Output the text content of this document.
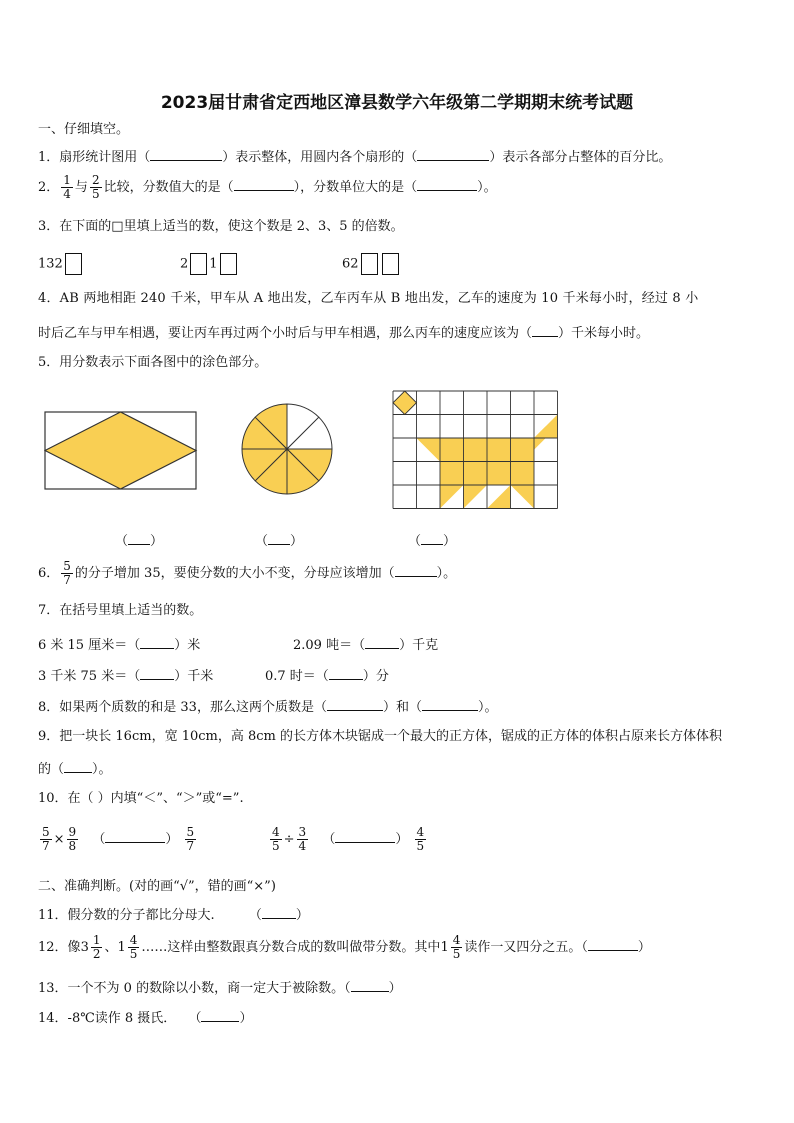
2023届甘肃省定西地区漳县数学六年级第二学期期末统考试题
一、仔细填空。
1．扇形统计图用（	）表示整体，用圆内各个扇形的（	）表示各部分占整体的百分比。
2． $\frac{1}{4}$ 与 $\frac{2}{5}$ 比较，分数值大的是（	），分数单位大的是（	）。
3．在下面的□里填上适当的数，使这个数是 2、3、5 的倍数。
132	2 1	62
4．AB 两地相距 240 千米，甲车从 A 地出发，乙车丙车从 B 地出发，乙车的速度为 10 千米每小时，经过 8 小
时后乙车与甲车相遇，要让丙车再过两个小时后与甲车相遇，那么丙车的速度应该为（ ）千米每小时。
5．用分数表示下面各图中的涂色部分。
（ ）	（ ）	（ ）
6． $\frac{5}{7}$ 的分子增加 35，要使分数的大小不变，分母应该增加（	）。
7．在括号里填上适当的数。
6 米 15 厘米＝（	）米	2.09 吨＝（	）千克
3 千米 75 米＝（	）千米	0.7 时＝（	）分
8．如果两个质数的和是 33，那么这两个质数是（	）和（	）。
9．把一块长 16cm，宽 10cm，高 8cm 的长方体木块锯成一个最大的正方体，锯成的正方体的体积占原来长方体体积
的（ ）。
10．在（ ）内填“＜”、“＞”或“=”.
$\frac{5}{7} \times \frac{9}{8}$ （	） $\frac{5}{7}$	$\frac{4}{5} \div \frac{3}{4}$ （	） $\frac{4}{5}$
二、准确判断。(对的画“√”，错的画“×”)
11．假分数的分子都比分母大.	（	）
12．像$3 \frac{1}{2}$ 、$1 \frac{4}{5}$ ……这样由整数跟真分数合成的数叫做带分数。其中$1 \frac{4}{5}$ 读作一又四分之五。（	）
13．一个不为 0 的数除以小数，商一定大于被除数。（	）
14．-8℃读作 8 摄氏． （	）
